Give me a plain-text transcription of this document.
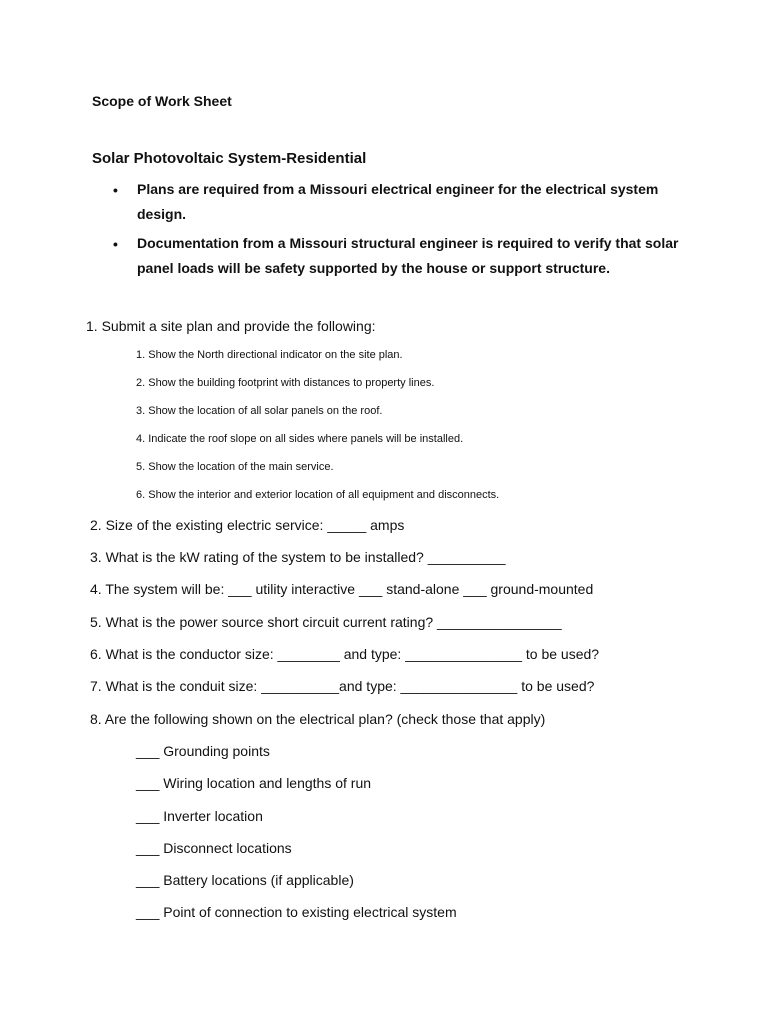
Scope of Work Sheet
Solar Photovoltaic System-Residential
• Plans are required from a Missouri electrical engineer for the electrical system design.
• Documentation from a Missouri structural engineer is required to verify that solar panel loads will be safety supported by the house or support structure.
1. Submit a site plan and provide the following:
1. Show the North directional indicator on the site plan.
2. Show the building footprint with distances to property lines.
3. Show the location of all solar panels on the roof.
4. Indicate the roof slope on all sides where panels will be installed.
5. Show the location of the main service.
6. Show the interior and exterior location of all equipment and disconnects.
2. Size of the existing electric service: _____ amps
3. What is the kW rating of the system to be installed? __________
4. The system will be: ___ utility interactive ___ stand-alone ___ ground-mounted
5. What is the power source short circuit current rating? ________________
6. What is the conductor size: ________ and type: _______________ to be used?
7. What is the conduit size: __________and type: _______________ to be used?
8. Are the following shown on the electrical plan? (check those that apply)
___ Grounding points
___ Wiring location and lengths of run
___ Inverter location
___ Disconnect locations
___ Battery locations (if applicable)
___ Point of connection to existing electrical system
